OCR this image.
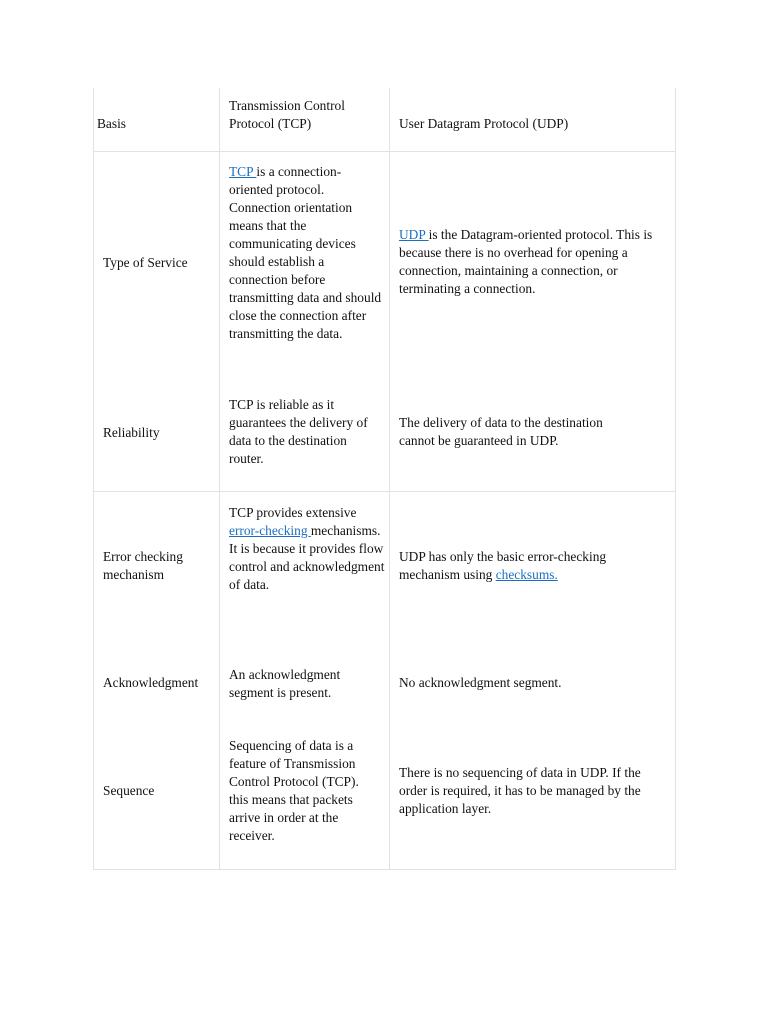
Basis
Transmission Control Protocol (TCP)	User Datagram Protocol (UDP)
Type of Service
TCP is a connection-oriented protocol. Connection orientation means that the communicating devices should establish a connection before transmitting data and should close the connection after transmitting the data.
UDP is the Datagram-oriented protocol. This is because there is no overhead for opening a connection, maintaining a connection, or terminating a connection.
Reliability
TCP is reliable as it guarantees the delivery of data to the destination router.
The delivery of data to the destination cannot be guaranteed in UDP.
Error checking mechanism
TCP provides extensive error-checking mechanisms. It is because it provides flow control and acknowledgment of data.
UDP has only the basic error-checking mechanism using checksums.
Acknowledgment
An acknowledgment segment is present.
No acknowledgment segment.
Sequence
Sequencing of data is a feature of Transmission Control Protocol (TCP). this means that packets arrive in order at the receiver.
There is no sequencing of data in UDP. If the order is required, it has to be managed by the application layer.
